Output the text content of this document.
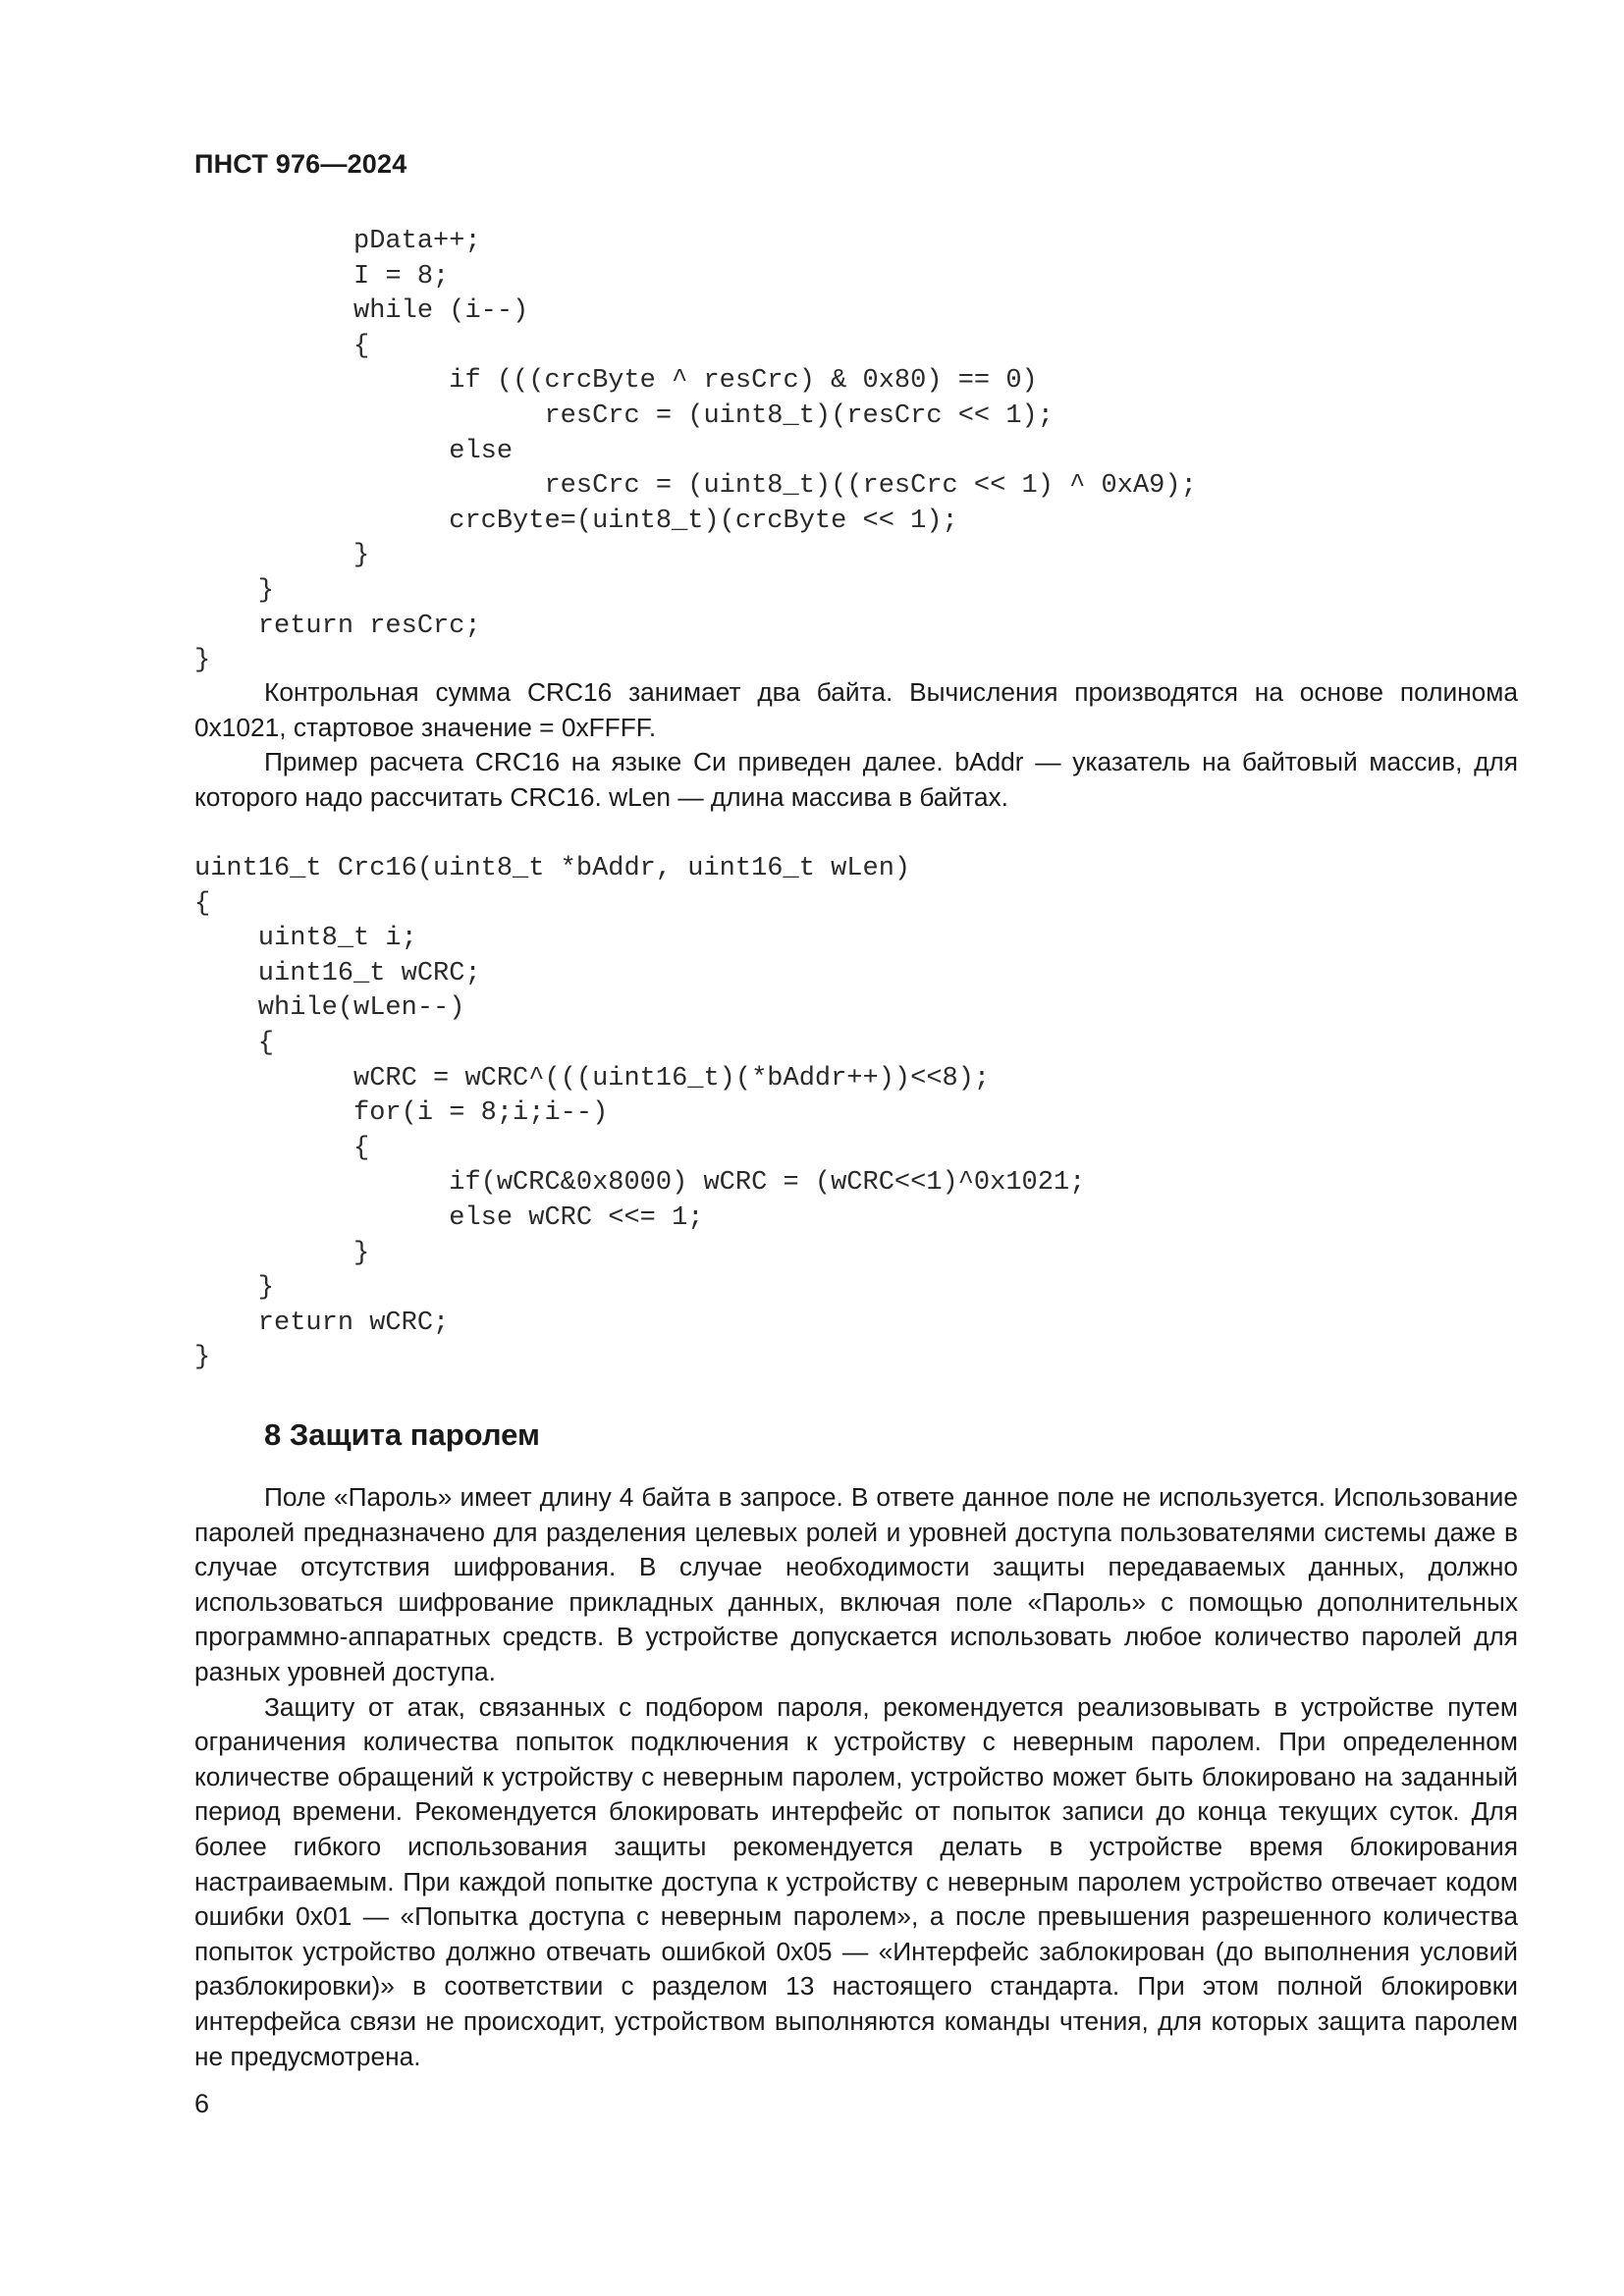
ПНСТ 976—2024
pData++;
I = 8;
while (i--)
{
if (((crcByte ^ resCrc) & 0x80) == 0)
resCrc = (uint8_t)(resCrc << 1);
else
resCrc = (uint8_t)((resCrc << 1) ^ 0xA9);
crcByte=(uint8_t)(crcByte << 1);
}
}
return resCrc;
}

Контрольная сумма CRC16 занимает два байта. Вычисления производятся на основе полинома 0x1021, стартовое значение = 0xFFFF.

Пример расчета CRC16 на языке Си приведен далее. bAddr — указатель на байтовый массив, для которого надо рассчитать CRC16. wLen — длина массива в байтах.

uint16_t Crc16(uint8_t *bAddr, uint16_t wLen)
{
uint8_t i;
uint16_t wCRC;
while(wLen--)
{
wCRC = wCRC^(((uint16_t)(*bAddr++))<<8);
for(i = 8;i;i--)
{
if(wCRC&0x8000) wCRC = (wCRC<<1)^0x1021;
else wCRC <<= 1;
}
}
return wCRC;
}
8 Защита паролем

Поле «Пароль» имеет длину 4 байта в запросе. В ответе данное поле не используется. Использование паролей предназначено для разделения целевых ролей и уровней доступа пользователями системы даже в случае отсутствия шифрования. В случае необходимости защиты передаваемых данных, должно использоваться шифрование прикладных данных, включая поле «Пароль» с помощью дополнительных программно-аппаратных средств. В устройстве допускается использовать любое количество паролей для разных уровней доступа.

Защиту от атак, связанных с подбором пароля, рекомендуется реализовывать в устройстве путем ограничения количества попыток подключения к устройству с неверным паролем. При определенном количестве обращений к устройству с неверным паролем, устройство может быть блокировано на заданный период времени. Рекомендуется блокировать интерфейс от попыток записи до конца текущих суток. Для более гибкого использования защиты рекомендуется делать в устройстве время блокирования настраиваемым. При каждой попытке доступа к устройству с неверным паролем устройство отвечает кодом ошибки 0x01 — «Попытка доступа с неверным паролем», а после превышения разрешенного количества попыток устройство должно отвечать ошибкой 0x05 — «Интерфейс заблокирован (до выполнения условий разблокировки)» в соответствии с разделом 13 настоящего стандарта. При этом полной блокировки интерфейса связи не происходит, устройством выполняются команды чтения, для которых защита паролем не предусмотрена.

6
